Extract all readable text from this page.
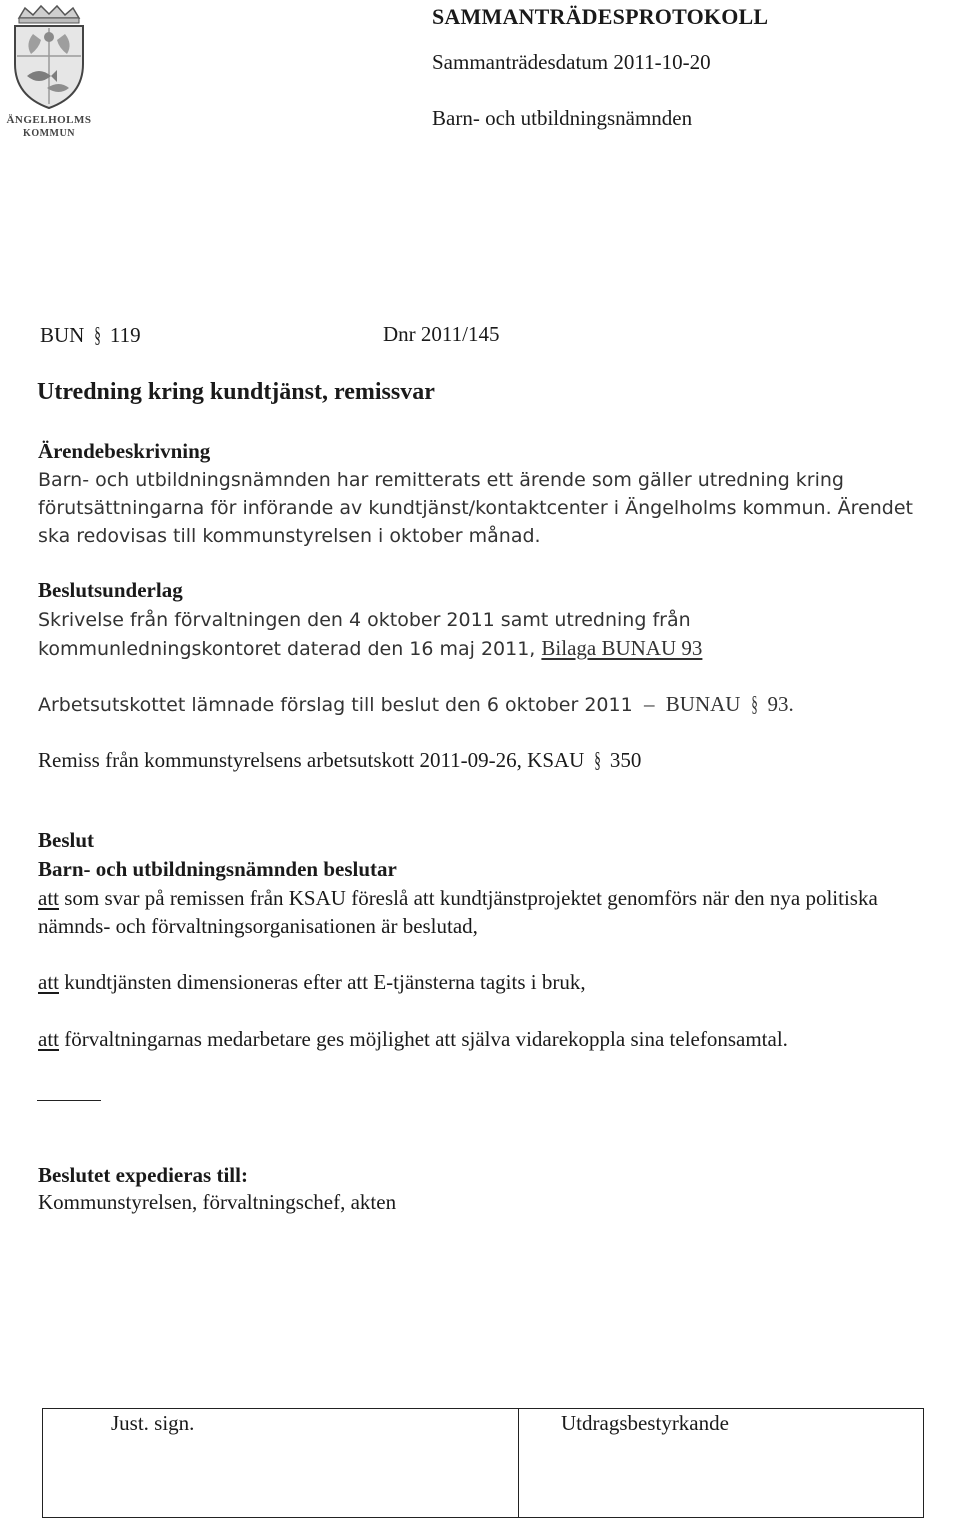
ÄNGELHOLMS
KOMMUN
SAMMANTRÄDESPROTOKOLL
Sammanträdesdatum 2011-10-20
Barn- och utbildningsnämnden
BUN § 119	Dnr 2011/145
Utredning kring kundtjänst, remissvar
Ärendebeskrivning
Barn- och utbildningsnämnden har remitterats ett ärende som gäller utredning kring förutsättningarna för införande av kundtjänst/kontaktcenter i Ängelholms kommun. Ärendet ska redovisas till kommunstyrelsen i oktober månad.
Beslutsunderlag
Skrivelse från förvaltningen den 4 oktober 2011 samt utredning från kommunledningskontoret daterad den 16 maj 2011, Bilaga BUNAU 93
Arbetsutskottet lämnade förslag till beslut den 6 oktober 2011  –  BUNAU § 93.
Remiss från kommunstyrelsens arbetsutskott 2011-09-26, KSAU § 350
Beslut
Barn- och utbildningsnämnden beslutar
att som svar på remissen från KSAU föreslå att kundtjänstprojektet genomförs när den nya politiska nämnds- och förvaltningsorganisationen är beslutad,
att kundtjänsten dimensioneras efter att E-tjänsterna tagits i bruk,
att förvaltningarnas medarbetare ges möjlighet att själva vidarekoppla sina telefonsamtal.
Beslutet expedieras till:
Kommunstyrelsen, förvaltningschef, akten
Just. sign.	Utdragsbestyrkande
